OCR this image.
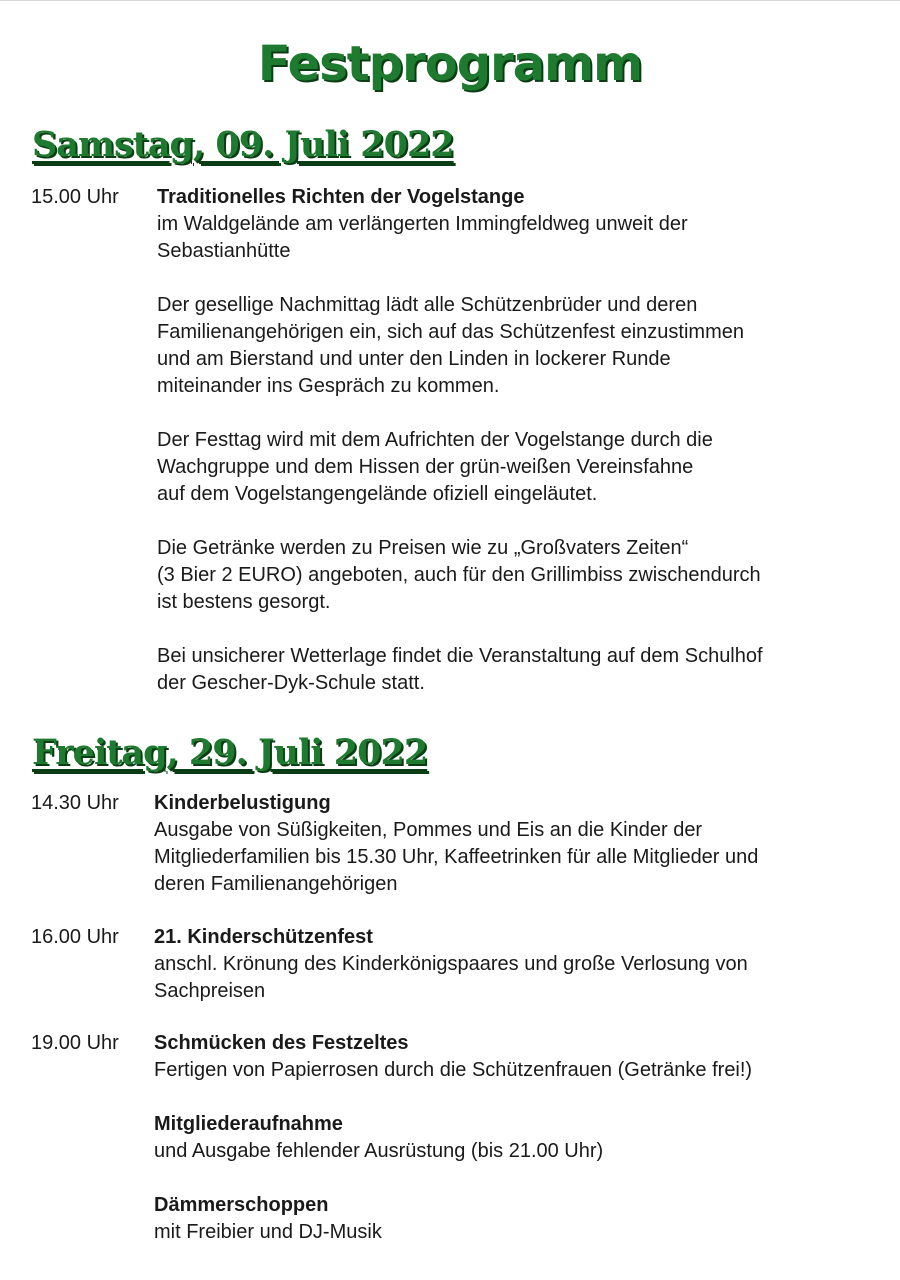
Festprogramm
Samstag, 09. Juli 2022
15.00 Uhr Traditionelles Richten der Vogelstange

im Waldgelände am verlängerten Immingfeldweg unweit der

Sebastianhütte

Der gesellige Nachmittag lädt alle Schützenbrüder und deren

Familienangehörigen ein, sich auf das Schützenfest einzustimmen

und am Bierstand und unter den Linden in lockerer Runde

miteinander ins Gespräch zu kommen.

Der Festtag wird mit dem Aufrichten der Vogelstange durch die

Wachgruppe und dem Hissen der grün-weißen Vereinsfahne

auf dem Vogelstangengelände ofiziell eingeläutet.

Die Getränke werden zu Preisen wie zu „Großvaters Zeiten“

(3 Bier 2 EURO) angeboten, auch für den Grillimbiss zwischendurch

ist bestens gesorgt.

Bei unsicherer Wetterlage findet die Veranstaltung auf dem Schulhof

der Gescher-Dyk-Schule statt.

Freitag, 29. Juli 2022
14.30 Uhr Kinderbelustigung

Ausgabe von Süßigkeiten, Pommes und Eis an die Kinder der

Mitgliederfamilien bis 15.30 Uhr, Kaffeetrinken für alle Mitglieder und

deren Familienangehörigen

16.00 Uhr 21. Kinderschützenfest

anschl. Krönung des Kinderkönigspaares und große Verlosung von

Sachpreisen

19.00 Uhr Schmücken des Festzeltes

Fertigen von Papierrosen durch die Schützenfrauen (Getränke frei!)

Mitgliederaufnahme

und Ausgabe fehlender Ausrüstung (bis 21.00 Uhr)

Dämmerschoppen

mit Freibier und DJ-Musik
